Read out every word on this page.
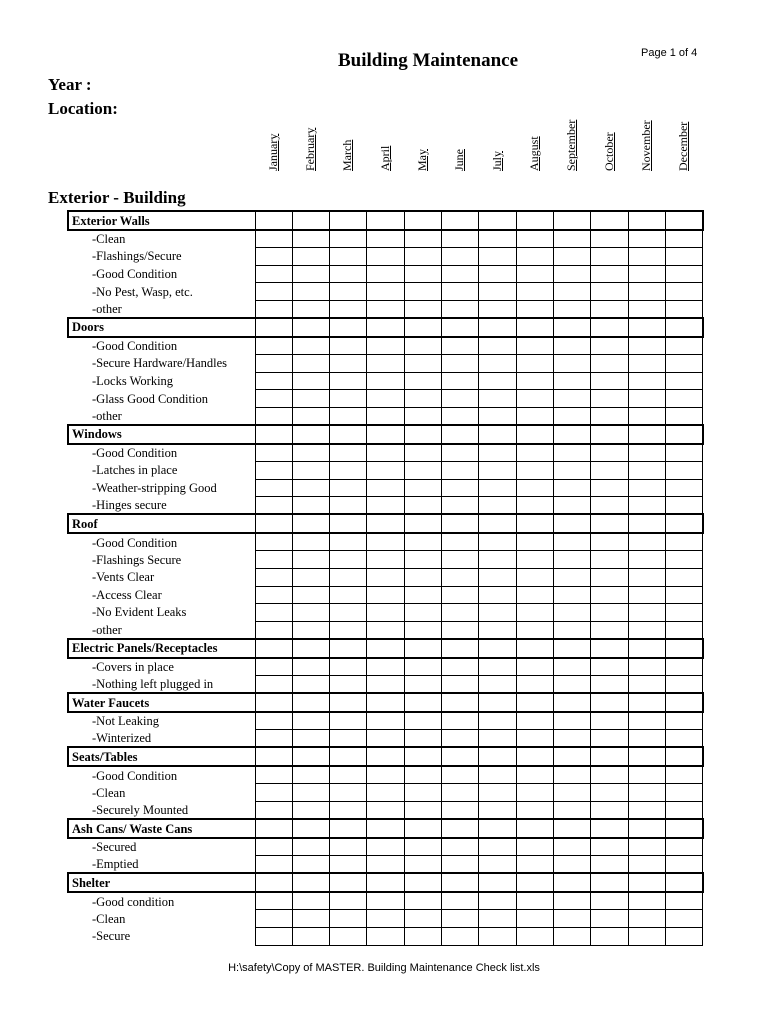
Building Maintenance	Page 1 of 4
Year :
Location:
Exterior - Building
January February March April May June July August September October November December
Exterior Walls												
-Clean												
-Flashings/Secure												
-Good Condition												
-No Pest, Wasp, etc.												
-other												
Doors												
-Good Condition												
-Secure Hardware/Handles												
-Locks Working												
-Glass Good Condition												
-other												
Windows												
-Good Condition												
-Latches in place												
-Weather-stripping Good												
-Hinges secure												
Roof												
-Good Condition												
-Flashings Secure												
-Vents Clear												
-Access Clear												
-No Evident Leaks												
-other												
Electric Panels/Receptacles												
-Covers in place												
-Nothing left plugged in												
Water Faucets												
-Not Leaking												
-Winterized												
Seats/Tables												
-Good Condition												
-Clean												
-Securely Mounted												
Ash Cans/ Waste Cans												
-Secured												
-Emptied												
Shelter												
-Good condition												
-Clean												
-Secure												
H:\safety\Copy of MASTER. Building Maintenance Check list.xls
